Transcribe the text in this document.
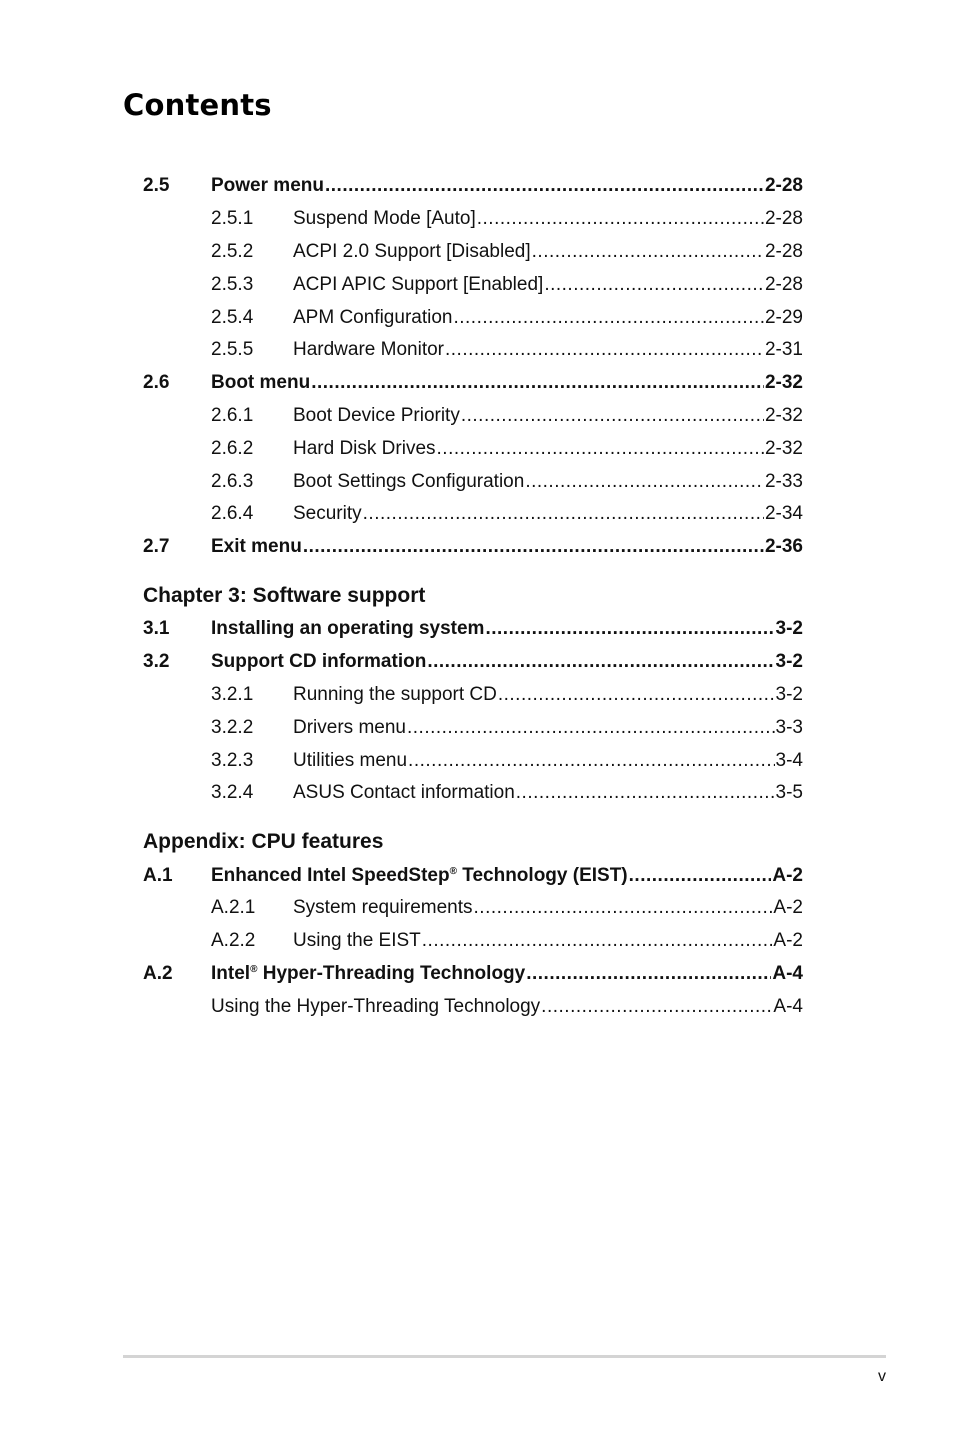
Contents
2.5 Power menu .....	2-28
2.5.1 Suspend Mode [Auto] .....	2-28
2.5.2 ACPI 2.0 Support [Disabled] .....	2-28
2.5.3 ACPI APIC Support [Enabled] .....	2-28
2.5.4 APM Configuration .....	2-29
2.5.5 Hardware Monitor .....	2-31
2.6 Boot menu .....	2-32
2.6.1 Boot Device Priority .....	2-32
2.6.2 Hard Disk Drives .....	2-32
2.6.3 Boot Settings Configuration .....	2-33
2.6.4 Security .....	2-34
2.7 Exit menu .....	2-36
Chapter 3: Software support
3.1 Installing an operating system .....	3-2
3.2 Support CD information .....	3-2
3.2.1 Running the support CD .....	3-2
3.2.2 Drivers menu .....	3-3
3.2.3 Utilities menu .....	3-4
3.2.4 ASUS Contact information .....	3-5
Appendix: CPU features
A.1 Enhanced Intel SpeedStep® Technology (EIST) .....	A-2
A.2.1 System requirements .....	A-2
A.2.2 Using the EIST .....	A-2
A.2 Intel® Hyper-Threading Technology .....	A-4
Using the Hyper-Threading Technology .....	A-4
v
